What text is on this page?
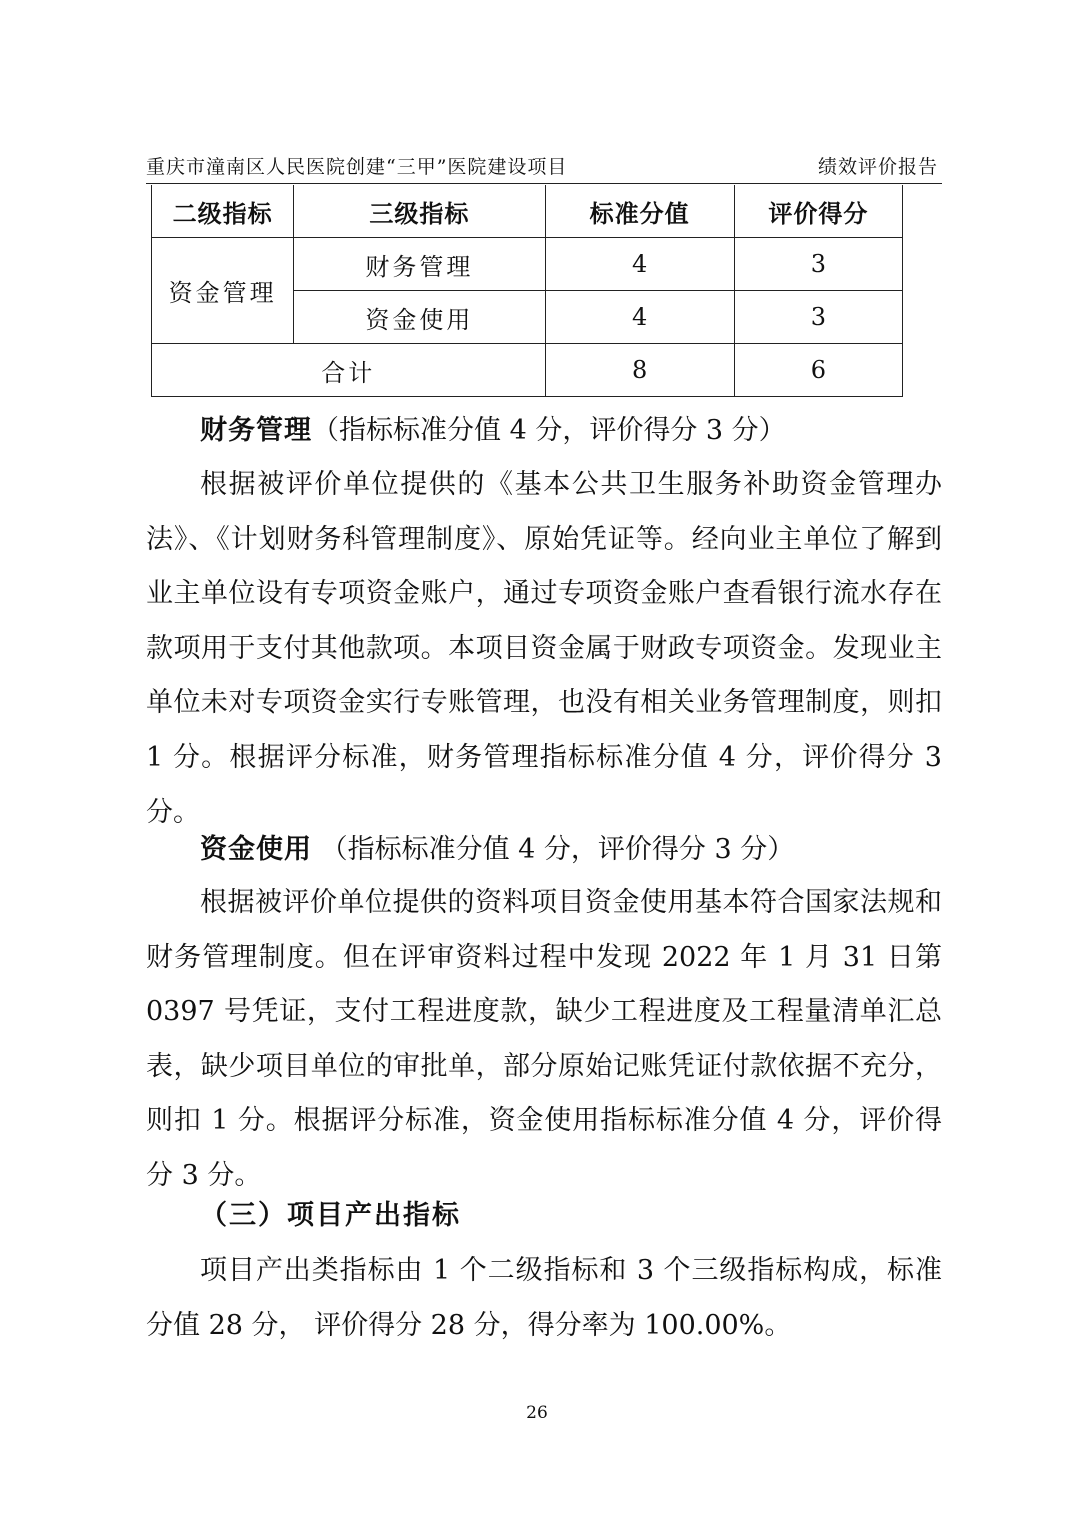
重庆市潼南区人民医院创建“三甲”医院建设项目	绩效评价报告
二级指标	三级指标	标准分值	评价得分
资金管理	财务管理	4	3
	资金使用	4	3
合计		8	6

财务管理（指标标准分值 4 分，评价得分 3 分）

根据被评价单位提供的《基本公共卫生服务补助资金管理办法》、《计划财务科管理制度》、原始凭证等。经向业主单位了解到业主单位设有专项资金账户，通过专项资金账户查看银行流水存在款项用于支付其他款项。本项目资金属于财政专项资金。发现业主单位未对专项资金实行专账管理，也没有相关业务管理制度，则扣 1 分。根据评分标准，财务管理指标标准分值 4 分，评价得分 3 分。

资金使用 （指标标准分值 4 分，评价得分 3 分）

根据被评价单位提供的资料项目资金使用基本符合国家法规和财务管理制度。但在评审资料过程中发现 2022 年 1 月 31 日第 0397 号凭证，支付工程进度款，缺少工程进度及工程量清单汇总表，缺少项目单位的审批单，部分原始记账凭证付款依据不充分，则扣 1 分。根据评分标准，资金使用指标标准分值 4 分，评价得分 3 分。

（三）项目产出指标

项目产出类指标由 1 个二级指标和 3 个三级指标构成，标准分值 28 分， 评价得分 28 分，得分率为 100.00%。

26
